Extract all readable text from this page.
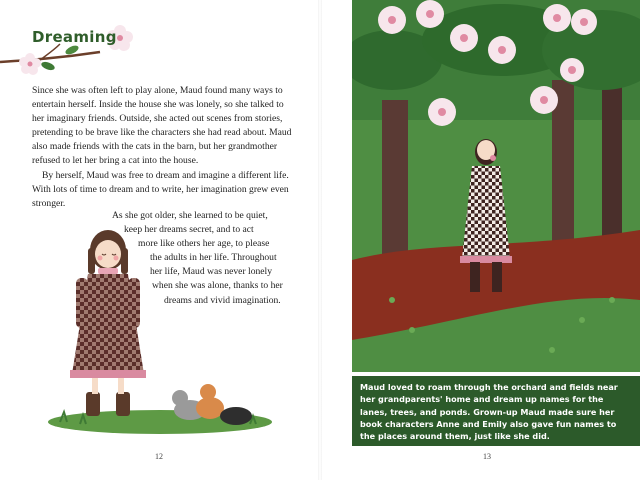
Dreaming

Since she was often left to play alone, Maud found many ways to entertain herself. Inside the house she was lonely, so she talked to her imaginary friends. Outside, she acted out scenes from stories, pretending to be brave like the characters she had read about. Maud also made friends with the cats in the barn, but her grandmother refused to let her bring a cat into the house.

By herself, Maud was free to dream and imagine a different life. With lots of time to dream and to write, her imagination grew even stronger.

As she got older, she learned to be quiet,
keep her dreams secret, and to act
more like others her age, to please
the adults in her life. Throughout
her life, Maud was never lonely
when she was alone, thanks to her
dreams and vivid imagination.
12

Maud loved to roam through the orchard and fields near her grandparents' home and dream up names for the lanes, trees, and ponds. Grown-up Maud made sure her book characters Anne and Emily also gave fun names to the places around them, just like she did.

13
